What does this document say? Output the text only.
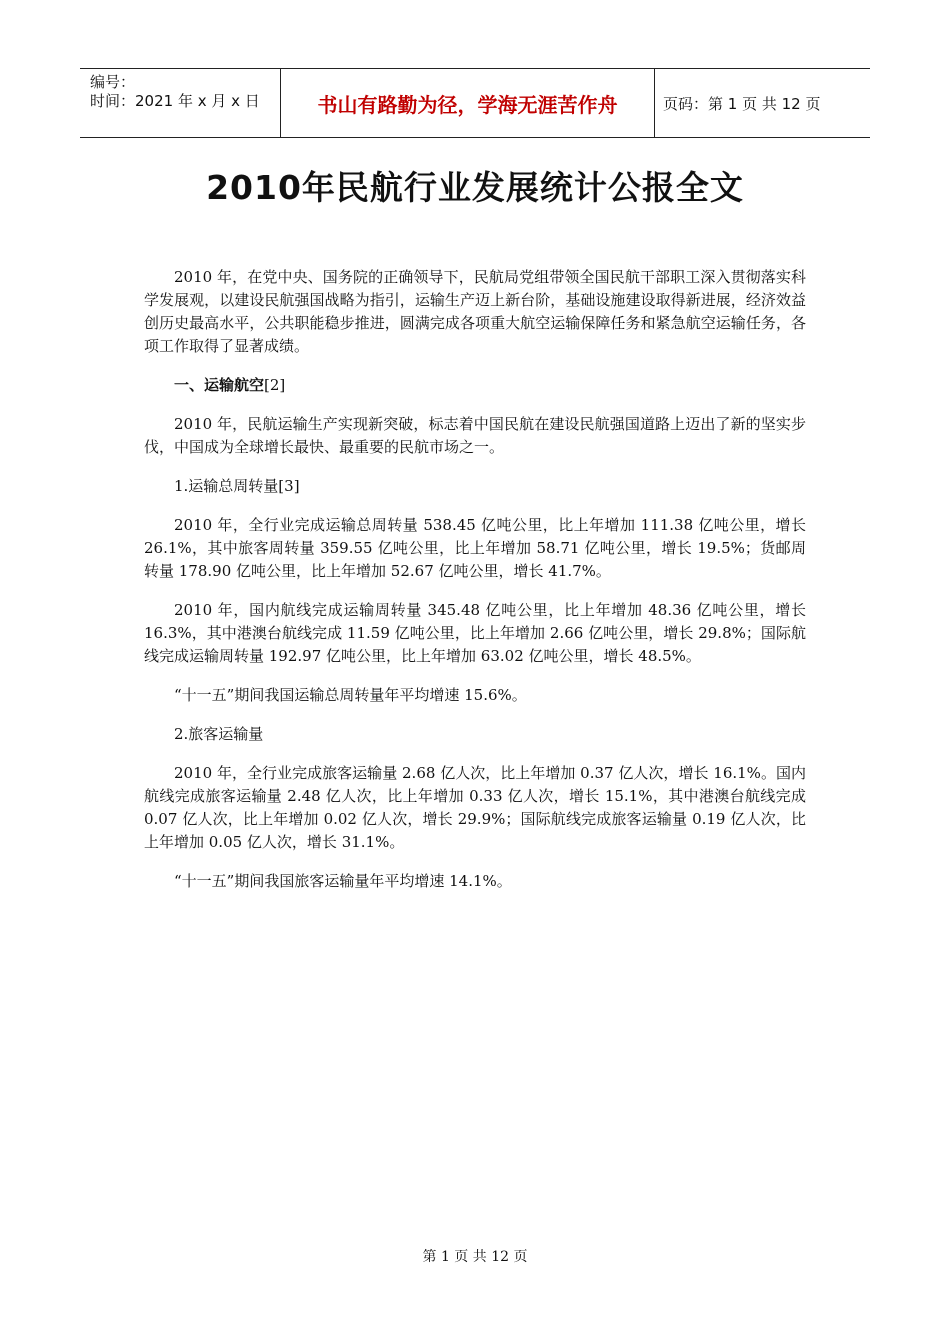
编号：
时间：2021 年 x 月 x 日	书山有路勤为径，学海无涯苦作舟	页码：第 1 页 共 12 页
2010年民航行业发展统计公报全文

2010 年，在党中央、国务院的正确领导下，民航局党组带领全国民航干部职工深入贯彻落实科学发展观，以建设民航强国战略为指引，运输生产迈上新台阶，基础设施建设取得新进展，经济效益创历史最高水平，公共职能稳步推进，圆满完成各项重大航空运输保障任务和紧急航空运输任务，各项工作取得了显著成绩。

一、运输航空[2]

2010 年，民航运输生产实现新突破，标志着中国民航在建设民航强国道路上迈出了新的坚实步伐，中国成为全球增长最快、最重要的民航市场之一。

1.运输总周转量[3]

2010 年，全行业完成运输总周转量 538.45 亿吨公里，比上年增加 111.38 亿吨公里，增长 26.1%，其中旅客周转量 359.55 亿吨公里，比上年增加 58.71 亿吨公里，增长 19.5%；货邮周转量 178.90 亿吨公里，比上年增加 52.67 亿吨公里，增长 41.7%。

2010 年，国内航线完成运输周转量 345.48 亿吨公里，比上年增加 48.36 亿吨公里，增长 16.3%，其中港澳台航线完成 11.59 亿吨公里，比上年增加 2.66 亿吨公里，增长 29.8%；国际航线完成运输周转量 192.97 亿吨公里，比上年增加 63.02 亿吨公里，增长 48.5%。

“十一五”期间我国运输总周转量年平均增速 15.6%。

2.旅客运输量

2010 年，全行业完成旅客运输量 2.68 亿人次，比上年增加 0.37 亿人次，增长 16.1%。国内航线完成旅客运输量 2.48 亿人次，比上年增加 0.33 亿人次，增长 15.1%，其中港澳台航线完成 0.07 亿人次，比上年增加 0.02 亿人次，增长 29.9%；国际航线完成旅客运输量 0.19 亿人次，比上年增加 0.05 亿人次，增长 31.1%。

“十一五”期间我国旅客运输量年平均增速 14.1%。

第 1 页 共 12 页
